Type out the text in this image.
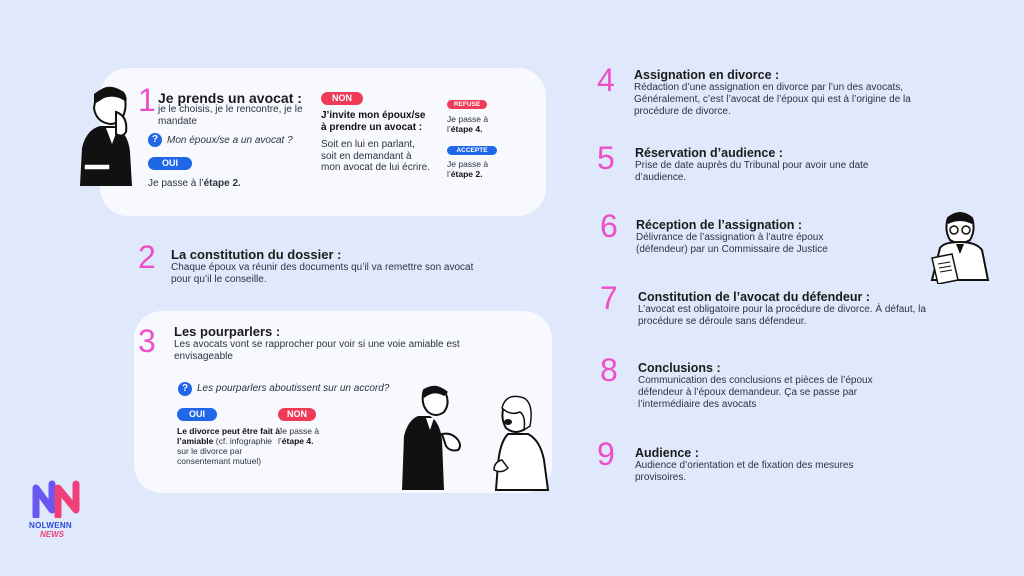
1 Je prends un avocat :
je le choisis, je le rencontre, je le mandate
? Mon époux/se a un avocat ?
OUI
Je passe à l’étape 2.
NON
J’invite mon époux/se à prendre un avocat :
Soit en lui en parlant, soit en demandant à mon avocat de lui écrire.
REFUSE
Je passe à l’étape 4.
ACCEPTE
Je passe à l’étape 2.
2 La constitution du dossier :
Chaque époux va réunir des documents qu’il va remettre son avocat pour qu’il le conseille.
3 Les pourparlers :
Les avocats vont se rapprocher pour voir si une voie amiable est envisageable
? Les pourparlers aboutissent sur un accord?
OUI
Le divorce peut être fait à l’amiable (cf. infographie sur le divorce par consentemant mutuel)
NON
Je passe à l’étape 4.
4 Assignation en divorce :
Rédaction d’une assignation en divorce par l’un des avocats, Généralement, c’est l’avocat de l’époux qui est à l’origine de la procédure de divorce.
5 Réservation d’audience :
Prise de date auprès du Tribunal pour avoir une date d’audience.
6 Réception de l’assignation :
Délivrance de l’assignation à l’autre époux (défendeur) par un Commissaire de Justice
7 Constitution de l’avocat du défendeur :
L’avocat est obligatoire pour la procédure de divorce. À défaut, la procédure se déroule sans défendeur.
8 Conclusions :
Communication des conclusions et pièces de l’époux défendeur à l’époux demandeur. Ça se passe par l’intermédiaire des avocats
9 Audience :
Audience d’orientation et de fixation des mesures provisoires.
NOLWENN
NEWS
